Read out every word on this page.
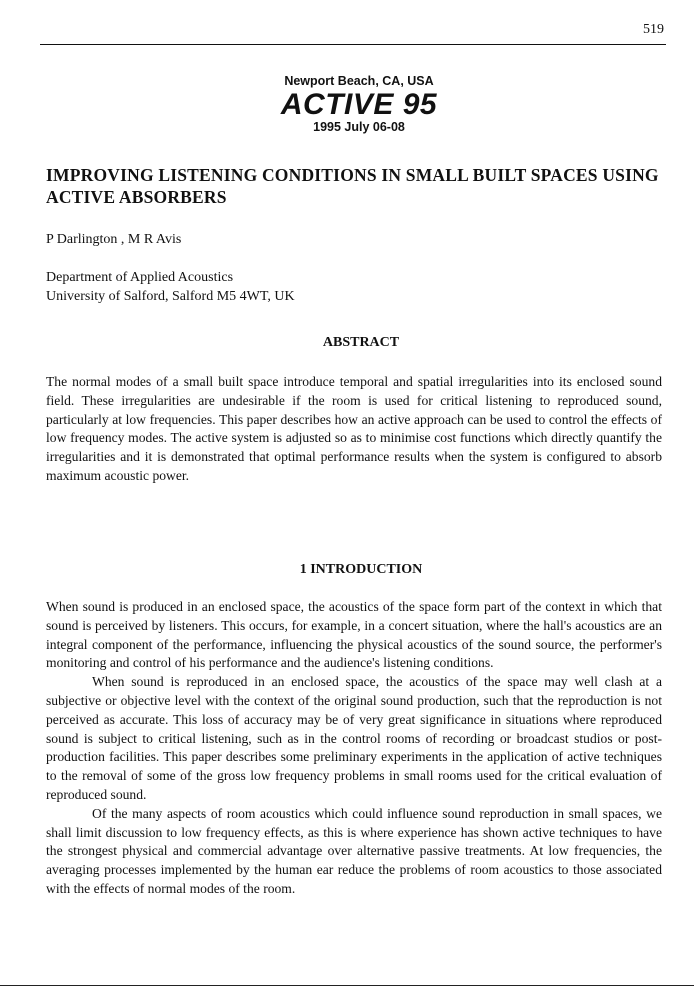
519
Newport Beach, CA, USA
ACTIVE 95
1995 July 06-08
IMPROVING LISTENING CONDITIONS IN SMALL BUILT SPACES USING ACTIVE ABSORBERS
P Darlington , M R Avis
Department of Applied Acoustics
University of Salford, Salford M5 4WT, UK
ABSTRACT

The normal modes of a small built space introduce temporal and spatial irregularities into its enclosed sound field. These irregularities are undesirable if the room is used for critical listening to reproduced sound, particularly at low frequencies. This paper describes how an active approach can be used to control the effects of low frequency modes. The active system is adjusted so as to minimise cost functions which directly quantify the irregularities and it is demonstrated that optimal performance results when the system is configured to absorb maximum acoustic power.

1 INTRODUCTION

When sound is produced in an enclosed space, the acoustics of the space form part of the context in which that sound is perceived by listeners. This occurs, for example, in a concert situation, where the hall's acoustics are an integral component of the performance, influencing the physical acoustics of the sound source, the performer's monitoring and control of his performance and the audience's listening conditions.

When sound is reproduced in an enclosed space, the acoustics of the space may well clash at a subjective or objective level with the context of the original sound production, such that the reproduction is not perceived as accurate. This loss of accuracy may be of very great significance in situations where reproduced sound is subject to critical listening, such as in the control rooms of recording or broadcast studios or post-production facilities. This paper describes some preliminary experiments in the application of active techniques to the removal of some of the gross low frequency problems in small rooms used for the critical evaluation of reproduced sound.

Of the many aspects of room acoustics which could influence sound reproduction in small spaces, we shall limit discussion to low frequency effects, as this is where experience has shown active techniques to have the strongest physical and commercial advantage over alternative passive treatments. At low frequencies, the averaging processes implemented by the human ear reduce the problems of room acoustics to those associated with the effects of normal modes of the room.
